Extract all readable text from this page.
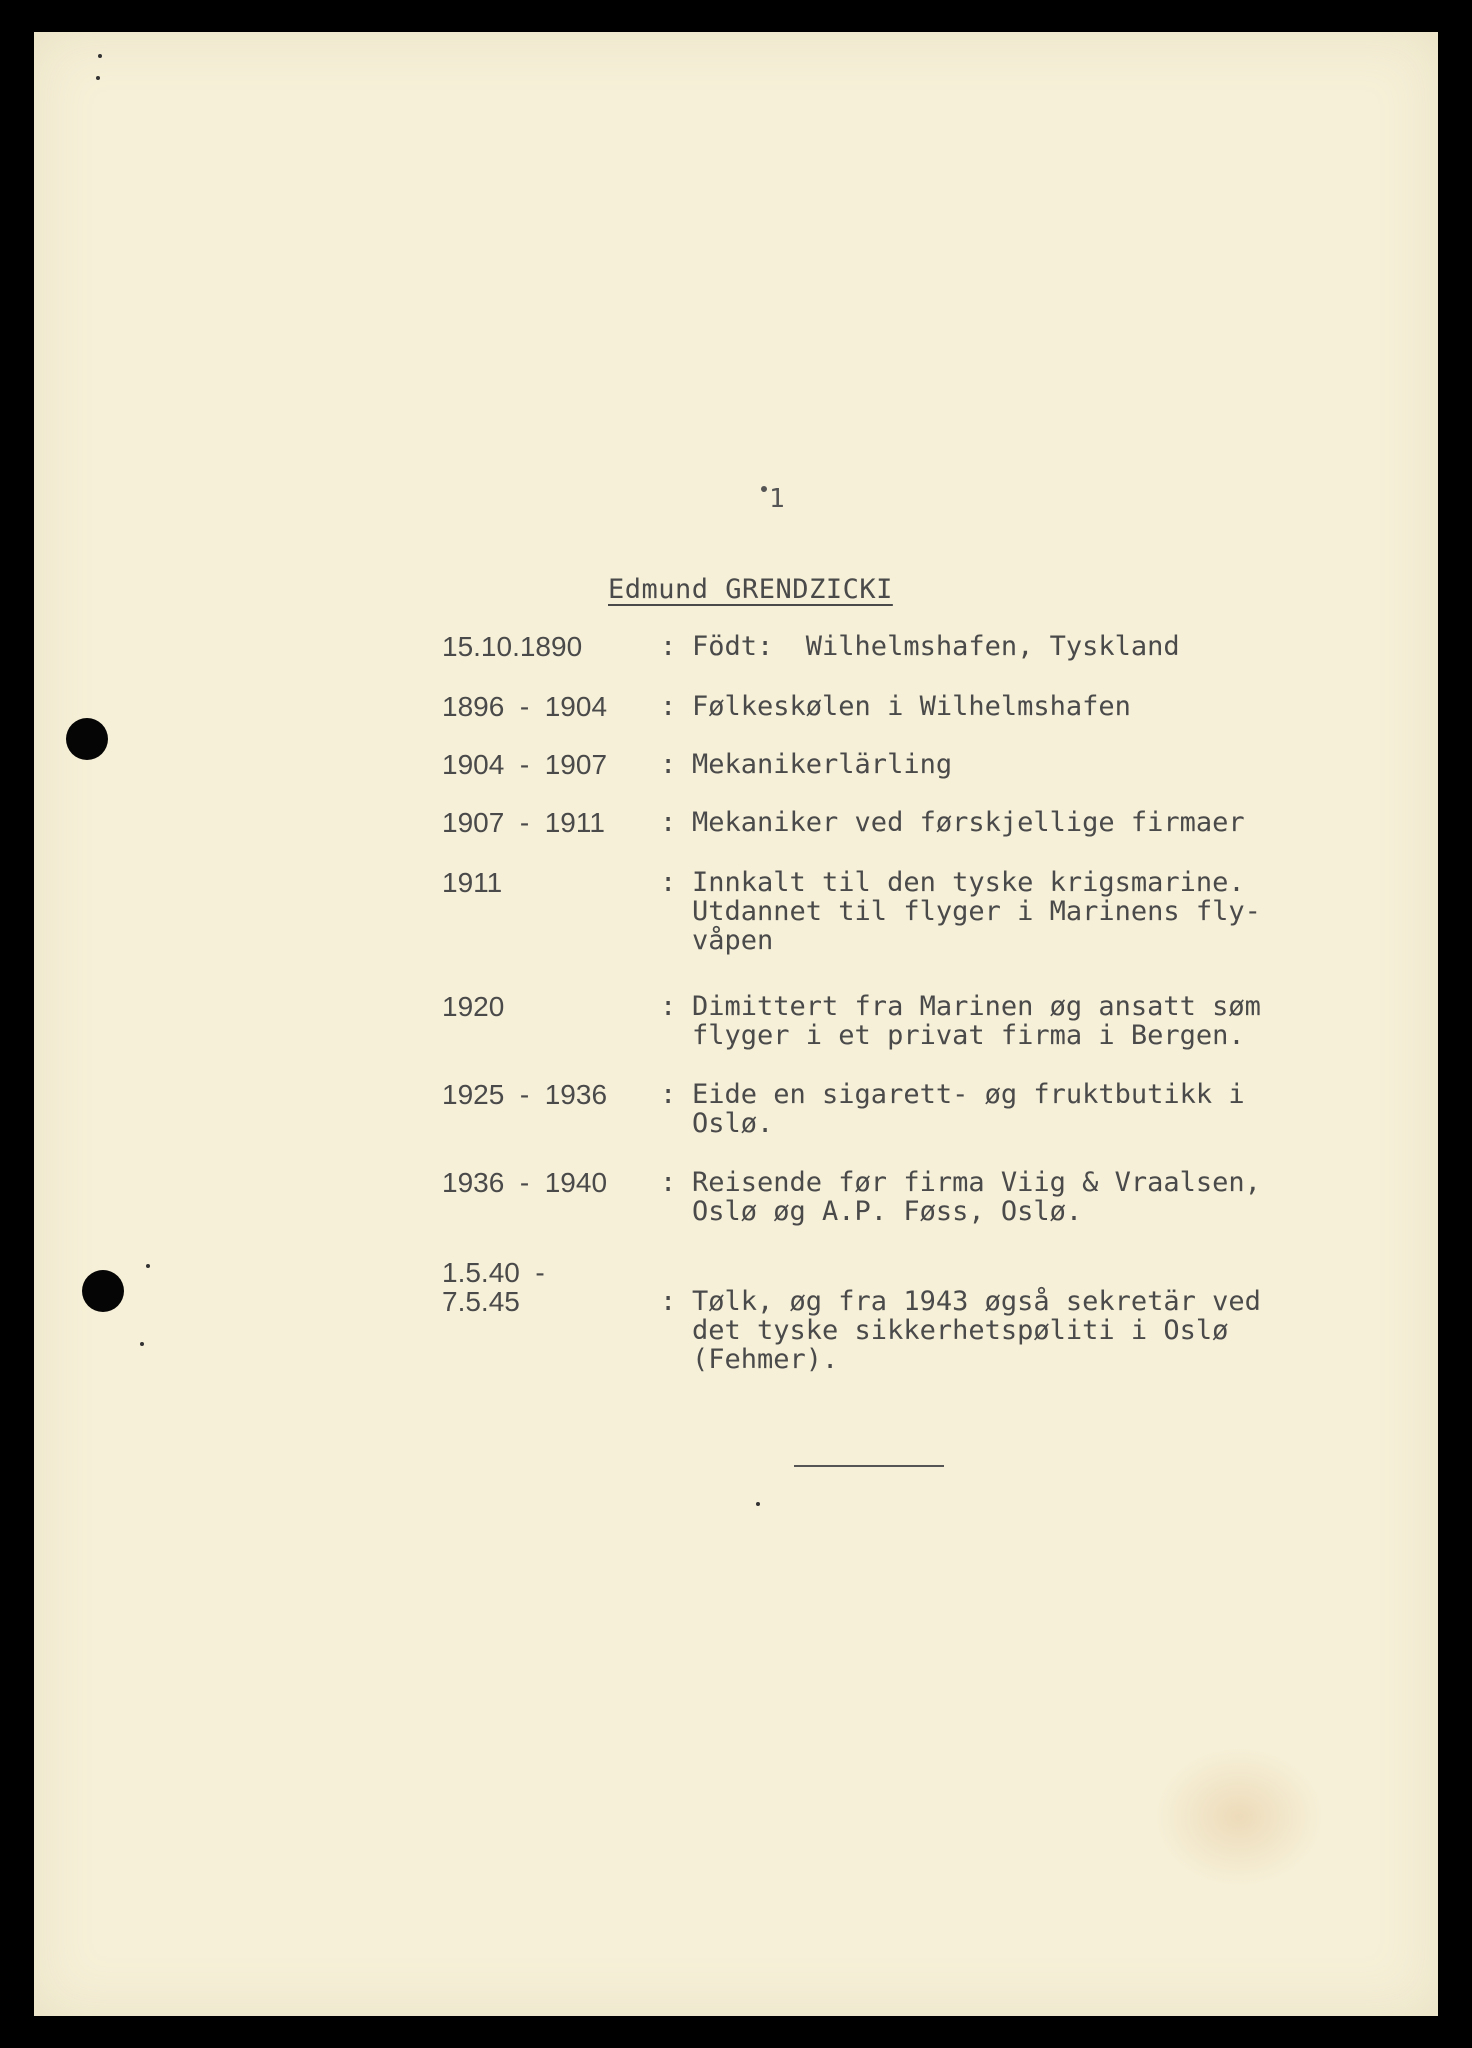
1
Edmund GRENDZICKI
15.10.1890	: Födt:  Wilhelmshafen, Tyskland
1896  -  1904 : Følkeskølen i Wilhelmshafen
1904  -  1907 : Mekanikerlärling
1907  -  1911 : Mekaniker ved førskjellige firmaer
1911	: Innkalt til den tyske krigsmarine.
Utdannet til flyger i Marinens fly-
våpen
1920	: Dimittert fra Marinen øg ansatt søm
flyger i et privat firma i Bergen.
1925  -  1936 : Eide en sigarett- øg fruktbutikk i
Oslø.
1936  -  1940 : Reisende før firma Viig & Vraalsen,
Oslø øg A.P. Føss, Oslø.
1.5.40  -
7.5.45	: Tølk, øg fra 1943 øgså sekretär ved
det tyske sikkerhetspøliti i Oslø
(Fehmer).
